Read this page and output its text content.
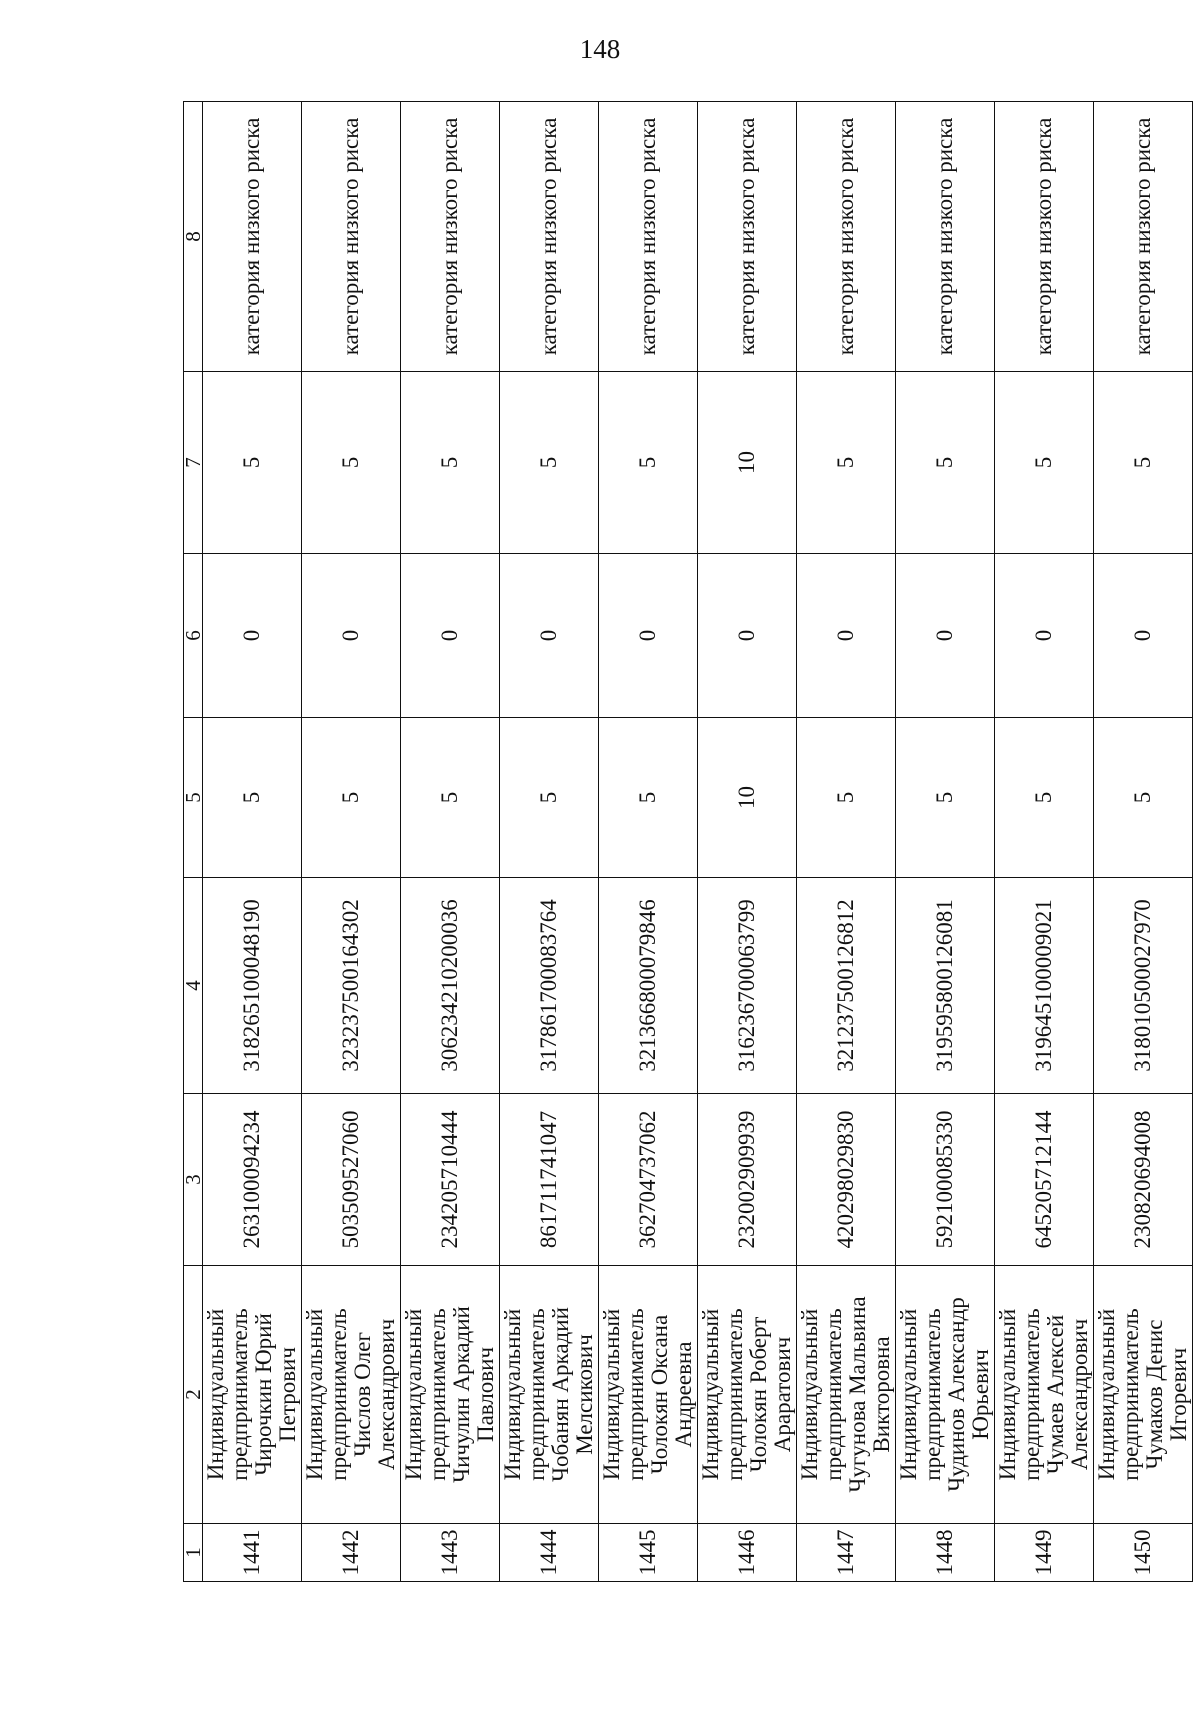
148
1	2	3	4	5	6	7	8
1441	Индивидуальный предприниматель Чирочкин Юрий Петрович	263100094234	318265100048190	5	0	5	категория низкого риска
1442	Индивидуальный предприниматель Числов Олег Александрович	503509527060	323237500164302	5	0	5	категория низкого риска
1443	Индивидуальный предприниматель Чичулин Аркадий Павлович	234205710444	306234210200036	5	0	5	категория низкого риска
1444	Индивидуальный предприниматель Чобанян Аркадий Мелсикович	861711741047	317861700083764	5	0	5	категория низкого риска
1445	Индивидуальный предприниматель Чолокян Оксана Андреевна	362704737062	321366800079846	5	0	5	категория низкого риска
1446	Индивидуальный предприниматель Чолокян Роберт Араратович	232002909939	316236700063799	10	0	10	категория низкого риска
1447	Индивидуальный предприниматель Чугунова Мальвина Викторовна	420298029830	321237500126812	5	0	5	категория низкого риска
1448	Индивидуальный предприниматель Чудинов Александр Юрьевич	592100085330	319595800126081	5	0	5	категория низкого риска
1449	Индивидуальный предприниматель Чумаев Алексей Александрович	645205712144	319645100009021	5	0	5	категория низкого риска
1450	Индивидуальный предприниматель Чумаков Денис Игоревич	230820694008	318010500027970	5	0	5	категория низкого риска
